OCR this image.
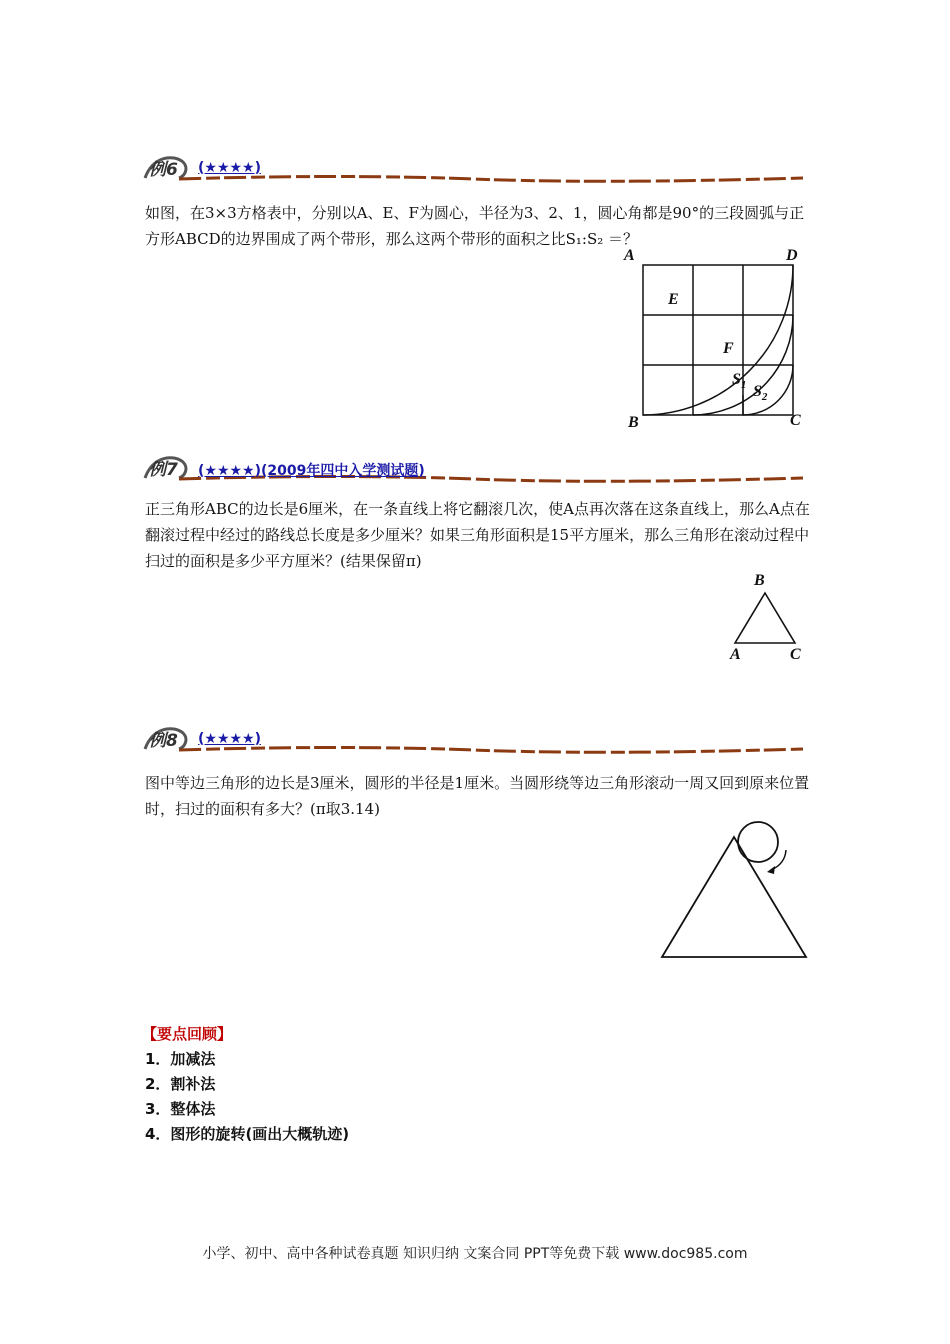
例6 (★★★★)
如图，在3×3方格表中，分别以A、E、F为圆心，半径为3、2、1，圆心角都是90°的三段圆弧与正方形ABCD的边界围成了两个带形，那么这两个带形的面积之比S₁:S₂ ＝？
A	D
E
F
$S_1$ $S_2$
B	C
例7 (★★★★)(2009年四中入学测试题)
正三角形ABC的边长是6厘米，在一条直线上将它翻滚几次，使A点再次落在这条直线上，那么A点在翻滚过程中经过的路线总长度是多少厘米？如果三角形面积是15平方厘米，那么三角形在滚动过程中扫过的面积是多少平方厘米？(结果保留π)
B
A	C
例8 (★★★★)
图中等边三角形的边长是3厘米，圆形的半径是1厘米。当圆形绕等边三角形滚动一周又回到原来位置时，扫过的面积有多大？(π取3.14)
【要点回顾】
1．加减法
2．割补法
3．整体法
4．图形的旋转(画出大概轨迹)
小学、初中、高中各种试卷真题 知识归纳 文案合同 PPT等免费下载 www.doc985.com
